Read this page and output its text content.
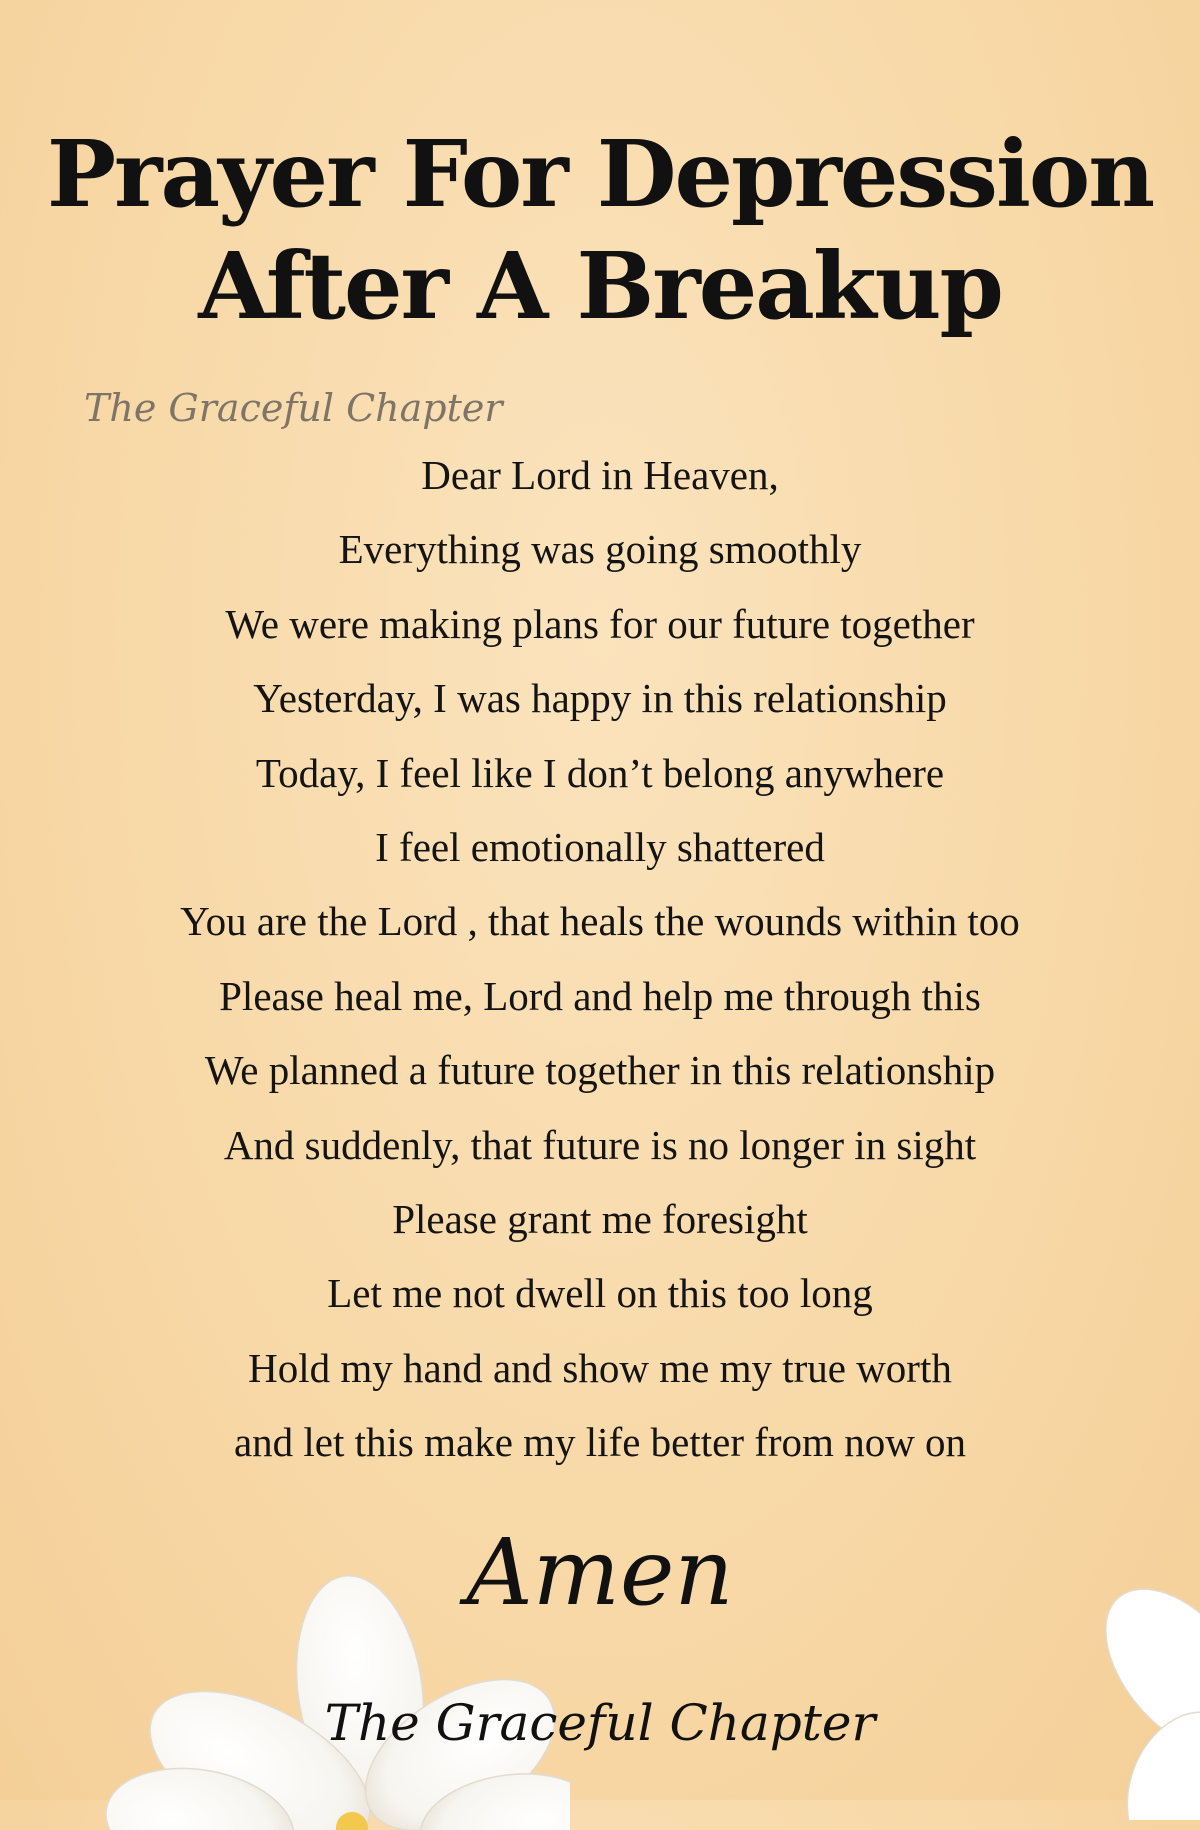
Prayer For Depression
After A Breakup
The Graceful Chapter
Dear Lord in Heaven,
Everything was going smoothly
We were making plans for our future together
Yesterday, I was happy in this relationship
Today, I feel like I don’t belong anywhere
I feel emotionally shattered
You are the Lord , that heals the wounds within too
Please heal me, Lord and help me through this
We planned a future together in this relationship
And suddenly, that future is no longer in sight
Please grant me foresight
Let me not dwell on this too long
Hold my hand and show me my true worth
and let this make my life better from now on
Amen
The Graceful Chapter
